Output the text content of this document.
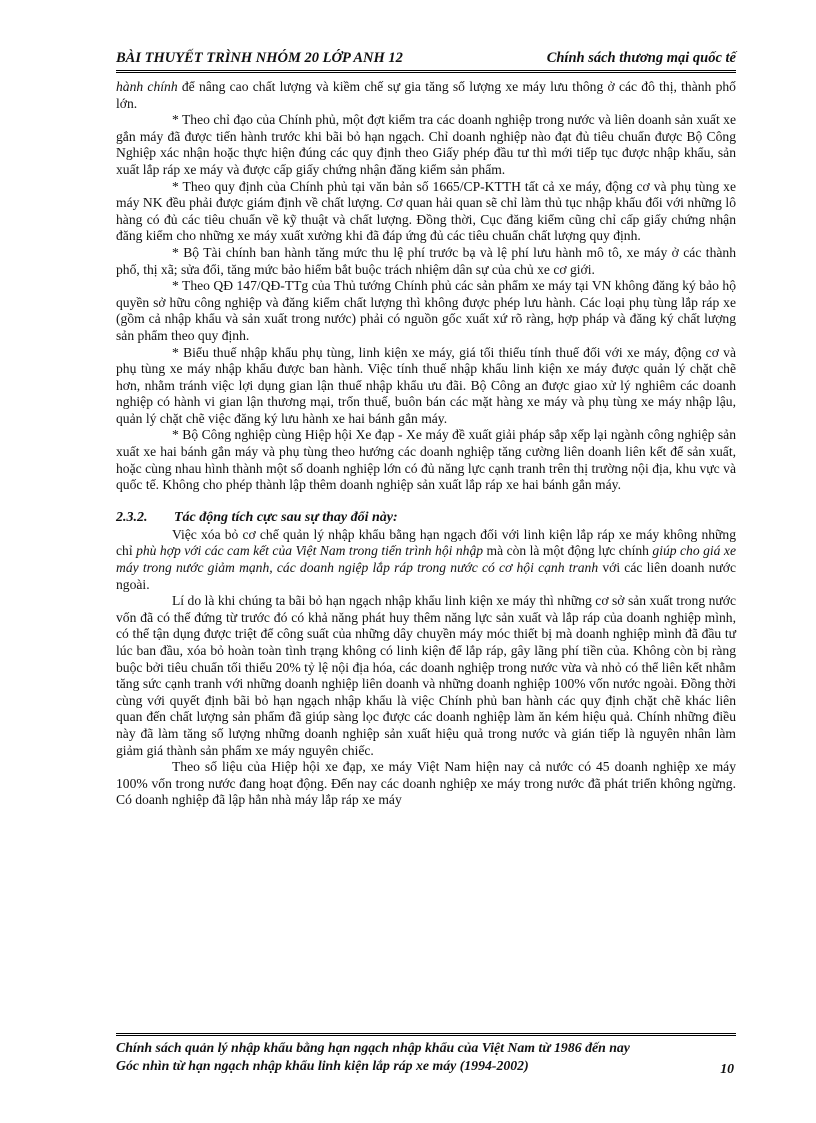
BÀI THUYẾT TRÌNH NHÓM 20 LỚP ANH 12	Chính sách thương mại quốc tế

hành chính để nâng cao chất lượng và kiềm chế sự gia tăng số lượng xe máy lưu thông ở các đô thị, thành phố lớn.

* Theo chỉ đạo của Chính phủ, một đợt kiểm tra các doanh nghiệp trong nước và liên doanh sản xuất xe gắn máy đã được tiến hành trước khi bãi bỏ hạn ngạch. Chỉ doanh nghiệp nào đạt đủ tiêu chuẩn được Bộ Công Nghiệp xác nhận hoặc thực hiện đúng các quy định theo Giấy phép đầu tư thì mới tiếp tục được nhập khẩu, sản xuất lắp ráp xe máy và được cấp giấy chứng nhận đăng kiểm sản phẩm.

* Theo quy định của Chính phủ tại văn bản số 1665/CP-KTTH tất cả xe máy, động cơ và phụ tùng xe máy NK đều phải được giám định về chất lượng. Cơ quan hải quan sẽ chỉ làm thủ tục nhập khẩu đối với những lô hàng có đủ các tiêu chuẩn về kỹ thuật và chất lượng. Đồng thời, Cục đăng kiểm cũng chỉ cấp giấy chứng nhận đăng kiểm cho những xe máy xuất xưởng khi đã đáp ứng đủ các tiêu chuẩn chất lượng quy định.

* Bộ Tài chính ban hành tăng mức thu lệ phí trước bạ và lệ phí lưu hành mô tô, xe máy ở các thành phố, thị xã; sửa đổi, tăng mức bảo hiểm bắt buộc trách nhiệm dân sự của chủ xe cơ giới.

* Theo QĐ 147/QĐ-TTg của Thủ tướng Chính phủ các sản phẩm xe máy tại VN không đăng ký bảo hộ quyền sở hữu công nghiệp và đăng kiểm chất lượng thì không được phép lưu hành. Các loại phụ tùng lắp ráp xe (gồm cả nhập khẩu và sản xuất trong nước) phải có nguồn gốc xuất xứ rõ ràng, hợp pháp và đăng ký chất lượng sản phẩm theo quy định.

* Biểu thuế nhập khẩu phụ tùng, linh kiện xe máy, giá tối thiểu tính thuế đối với xe máy, động cơ và phụ tùng xe máy nhập khẩu được ban hành. Việc tính thuế nhập khẩu linh kiện xe máy được quản lý chặt chẽ hơn, nhằm tránh việc lợi dụng gian lận thuế nhập khẩu ưu đãi. Bộ Công an được giao xử lý nghiêm các doanh nghiệp có hành vi gian lận thương mại, trốn thuế, buôn bán các mặt hàng xe máy và phụ tùng xe máy nhập lậu, quản lý chặt chẽ việc đăng ký lưu hành xe hai bánh gắn máy.

* Bộ Công nghiệp cùng Hiệp hội Xe đạp - Xe máy đề xuất giải pháp sắp xếp lại ngành công nghiệp sản xuất xe hai bánh gắn máy và phụ tùng theo hướng các doanh nghiệp tăng cường liên doanh liên kết để sản xuất, hoặc cùng nhau hình thành một số doanh nghiệp lớn có đủ năng lực cạnh tranh trên thị trường nội địa, khu vực và quốc tế. Không cho phép thành lập thêm doanh nghiệp sản xuất lắp ráp xe hai bánh gắn máy.

2.3.2. Tác động tích cực sau sự thay đổi này:

Việc xóa bỏ cơ chế quản lý nhập khẩu bằng hạn ngạch đối với linh kiện lắp ráp xe máy không những chỉ phù hợp với các cam kết của Việt Nam trong tiến trình hội nhập mà còn là một động lực chính giúp cho giá xe máy trong nước giảm mạnh, các doanh ngiệp lắp ráp trong nước có cơ hội cạnh tranh với các liên doanh nước ngoài.

Lí do là khi chúng ta bãi bỏ hạn ngạch nhập khẩu linh kiện xe máy thì những cơ sở sản xuất trong nước vốn đã có thế đứng từ trước đó có khả năng phát huy thêm năng lực sản xuất và lắp ráp của doanh nghiệp mình, có thể tận dụng được triệt để công suất của những dây chuyền máy móc thiết bị mà doanh nghiệp mình đã đầu tư lúc ban đầu, xóa bỏ hoàn toàn tình trạng không có linh kiện để lắp ráp, gây lãng phí tiền của. Không còn bị ràng buộc bởi tiêu chuẩn tối thiểu 20% tỷ lệ nội địa hóa, các doanh nghiệp trong nước vừa và nhỏ có thể liên kết nhằm tăng sức cạnh tranh với những doanh nghiệp liên doanh và những doanh nghiệp 100% vốn nước ngoài. Đồng thời cùng với quyết định bãi bỏ hạn ngạch nhập khẩu là việc Chính phủ ban hành các quy định chặt chẽ khác liên quan đến chất lượng sản phẩm đã giúp sàng lọc được các doanh nghiệp làm ăn kém hiệu quả. Chính những điều này đã làm tăng số lượng những doanh nghiệp sản xuất hiệu quả trong nước và gián tiếp là nguyên nhân làm giảm giá thành sản phẩm xe máy nguyên chiếc.

Theo số liệu của Hiệp hội xe đạp, xe máy Việt Nam hiện nay cả nước có 45 doanh nghiệp xe máy 100% vốn trong nước đang hoạt động. Đến nay các doanh nghiệp xe máy trong nước đã phát triển không ngừng. Có doanh nghiệp đã lập hẳn nhà máy lắp ráp xe máy

Chính sách quản lý nhập khẩu bằng hạn ngạch nhập khẩu của Việt Nam từ 1986 đến nay
Góc nhìn từ hạn ngạch nhập khẩu linh kiện lắp ráp xe máy (1994-2002)	10
